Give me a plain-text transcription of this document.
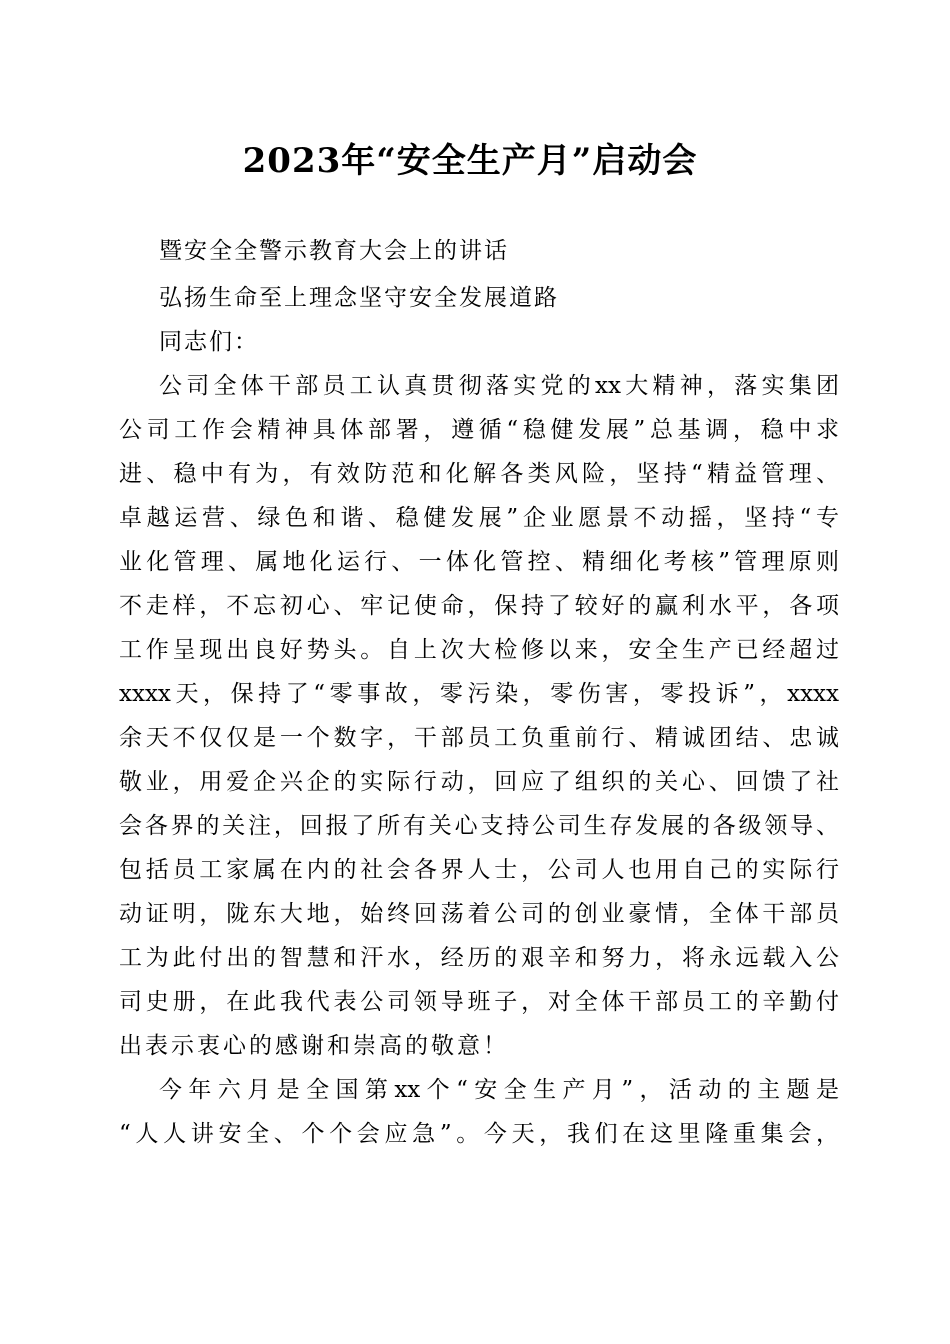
2023年“安全生产月”启动会
暨安全全警示教育大会上的讲话
弘扬生命至上理念坚守安全发展道路
同志们：
公司全体干部员工认真贯彻落实党的xx大精神，落实集团
公司工作会精神具体部署，遵循“稳健发展”总基调，稳中求
进、稳中有为，有效防范和化解各类风险，坚持“精益管理、
卓越运营、绿色和谐、稳健发展”企业愿景不动摇，坚持“专
业化管理、属地化运行、一体化管控、精细化考核”管理原则
不走样，不忘初心、牢记使命，保持了较好的赢利水平，各项
工作呈现出良好势头。自上次大检修以来，安全生产已经超过
xxxx天，保持了“零事故，零污染，零伤害，零投诉”，xxxx
余天不仅仅是一个数字，干部员工负重前行、精诚团结、忠诚
敬业，用爱企兴企的实际行动，回应了组织的关心、回馈了社
会各界的关注，回报了所有关心支持公司生存发展的各级领导、
包括员工家属在内的社会各界人士，公司人也用自己的实际行
动证明，陇东大地，始终回荡着公司的创业豪情，全体干部员
工为此付出的智慧和汗水，经历的艰辛和努力，将永远载入公
司史册，在此我代表公司领导班子，对全体干部员工的辛勤付
出表示衷心的感谢和崇高的敬意！
今年六月是全国第xx个“安全生产月”，活动的主题是
“人人讲安全、个个会应急”。今天，我们在这里隆重集会，
